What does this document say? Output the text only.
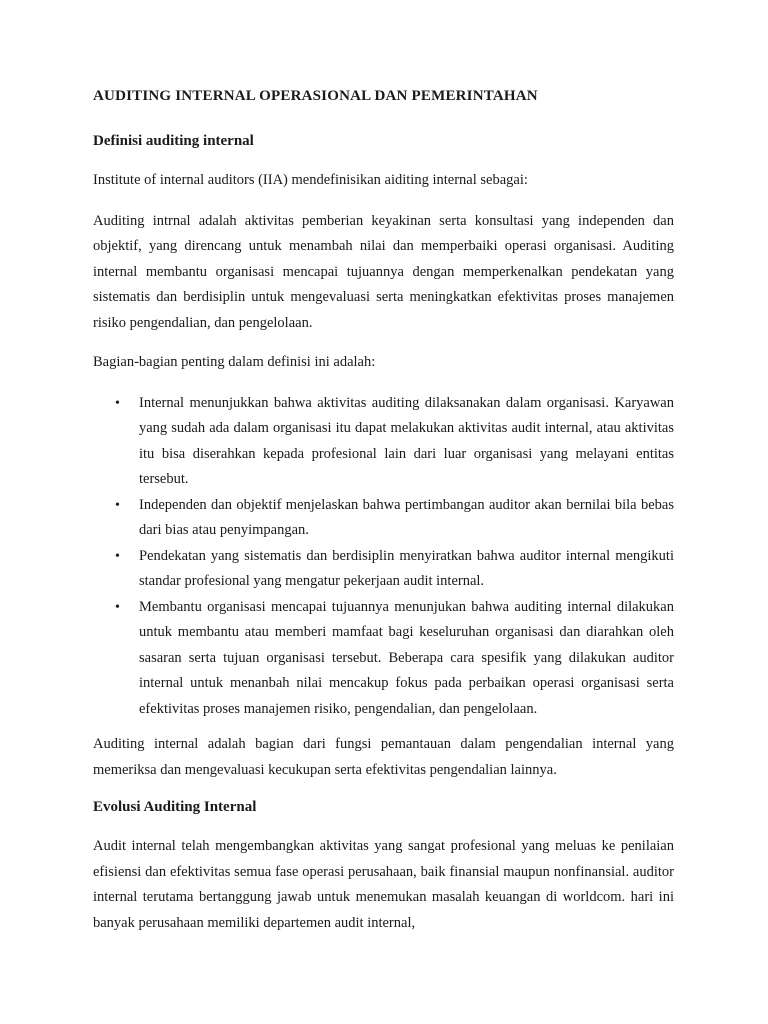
AUDITING INTERNAL OPERASIONAL DAN PEMERINTAHAN
Definisi auditing internal

Institute of internal auditors (IIA) mendefinisikan aiditing internal sebagai:

Auditing intrnal adalah aktivitas pemberian keyakinan serta konsultasi yang independen dan objektif, yang direncang untuk menambah nilai dan memperbaiki operasi organisasi. Auditing internal membantu organisasi mencapai tujuannya dengan memperkenalkan pendekatan yang sistematis dan berdisiplin untuk mengevaluasi serta meningkatkan efektivitas proses manajemen risiko pengendalian, dan pengelolaan.

Bagian-bagian penting dalam definisi ini adalah:

• Internal menunjukkan bahwa aktivitas auditing dilaksanakan dalam organisasi. Karyawan yang sudah ada dalam organisasi itu dapat melakukan aktivitas audit internal, atau aktivitas itu bisa diserahkan kepada profesional lain dari luar organisasi yang melayani entitas tersebut.
• Independen dan objektif menjelaskan bahwa pertimbangan auditor akan bernilai bila bebas dari bias atau penyimpangan.
• Pendekatan yang sistematis dan berdisiplin menyiratkan bahwa auditor internal mengikuti standar profesional yang mengatur pekerjaan audit internal.
• Membantu organisasi mencapai tujuannya menunjukan bahwa auditing internal dilakukan untuk membantu atau memberi mamfaat bagi keseluruhan organisasi dan diarahkan oleh sasaran serta tujuan organisasi tersebut. Beberapa cara spesifik yang dilakukan auditor internal untuk menanbah nilai mencakup fokus pada perbaikan operasi organisasi serta efektivitas proses manajemen risiko, pengendalian, dan pengelolaan.

Auditing internal adalah bagian dari fungsi pemantauan dalam pengendalian internal yang memeriksa dan mengevaluasi kecukupan serta efektivitas pengendalian lainnya.

Evolusi Auditing Internal

Audit internal telah mengembangkan aktivitas yang sangat profesional yang meluas ke penilaian efisiensi dan efektivitas semua fase operasi perusahaan, baik finansial maupun nonfinansial. auditor internal terutama bertanggung jawab untuk menemukan masalah keuangan di worldcom. hari ini banyak perusahaan memiliki departemen audit internal,
